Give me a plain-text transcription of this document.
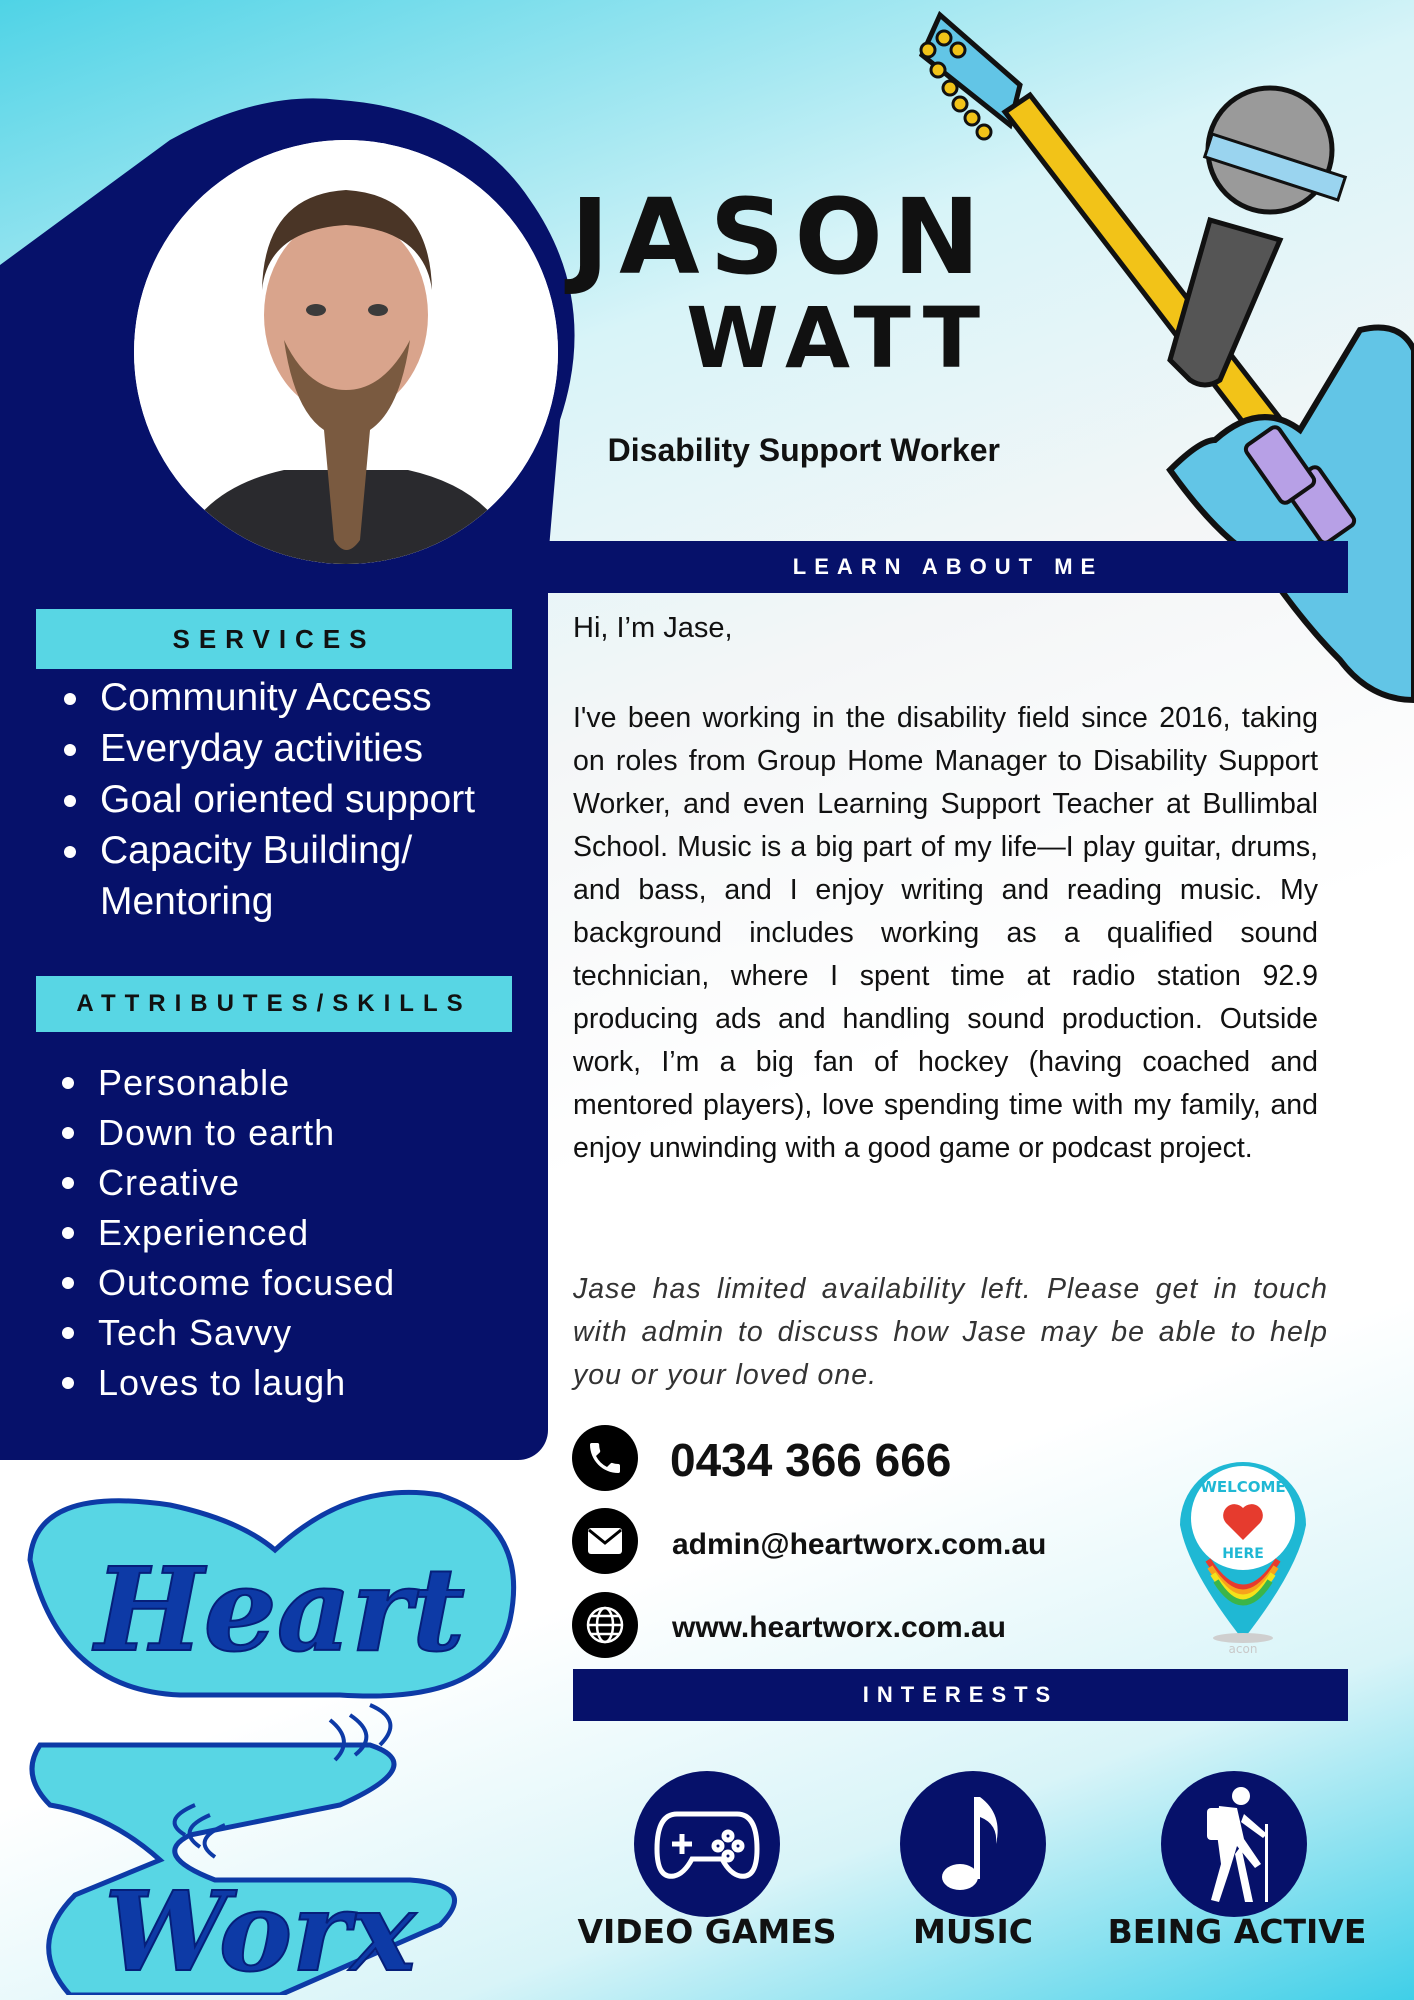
JASON
WATT
Disability Support Worker
LEARN ABOUT ME
SERVICES
Community Access
Everyday activities
Goal oriented support
Capacity Building/
Mentoring
ATTRIBUTES/SKILLS
Personable
Down to earth
Creative
Experienced
Outcome focused
Tech Savvy
Loves to laugh
Hi, I’m Jase,
I've been working in the disability field since 2016, taking on roles from Group Home Manager to Disability Support Worker, and even Learning Support Teacher at Bullimbal School. Music is a big part of my life—I play guitar, drums, and bass, and I enjoy writing and reading music. My background includes working as a qualified sound technician, where I spent time at radio station 92.9 producing ads and handling sound production. Outside work, I’m a big fan of hockey (having coached and mentored players), love spending time with my family, and enjoy unwinding with a good game or podcast project.
Jase has limited availability left. Please get in touch with admin to discuss how Jase may be able to help you or your loved one.
0434 366 666
admin@heartworx.com.au
www.heartworx.com.au
WELCOME
HERE
acon
INTERESTS
VIDEO GAMES	MUSIC	BEING ACTIVE
Heart
Worx
